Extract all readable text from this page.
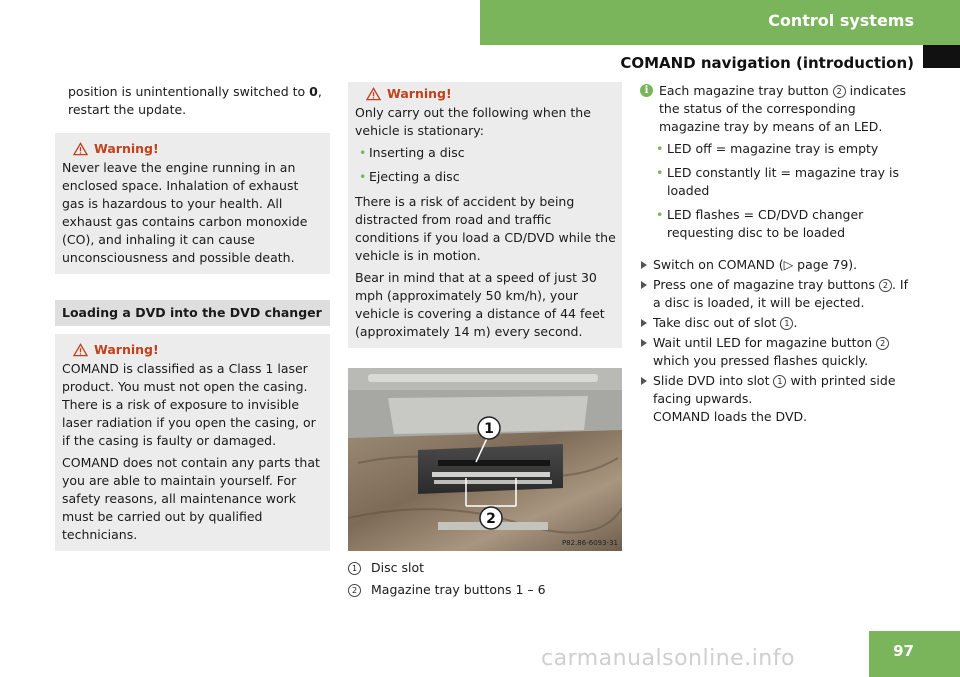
Control systems
COMAND navigation (introduction)

position is unintentionally switched to 0, restart the update.

Warning!

Never leave the engine running in an enclosed space. Inhalation of exhaust gas is hazardous to your health. All exhaust gas contains carbon monoxide (CO), and inhaling it can cause unconsciousness and possible death.

Loading a DVD into the DVD changer
Warning!

COMAND is classified as a Class 1 laser product. You must not open the casing. There is a risk of exposure to invisible laser radiation if you open the casing, or if the casing is faulty or damaged.

COMAND does not contain any parts that you are able to maintain yourself. For safety reasons, all maintenance work must be carried out by qualified technicians.

Warning!

Only carry out the following when the vehicle is stationary:

• Inserting a disc
• Ejecting a disc

There is a risk of accident by being distracted from road and traffic conditions if you load a CD/DVD while the vehicle is in motion.

Bear in mind that at a speed of just 30 mph (approximately 50 km/h), your vehicle is covering a distance of 44 feet (approximately 14 m) every second.

1
2
P82.86-6093-31
1	Disc slot
2	Magazine tray buttons 1 – 6
i Each magazine tray button 2 indicates the status of the corresponding magazine tray by means of an LED.

• LED off = magazine tray is empty
• LED constantly lit = magazine tray is loaded
• LED flashes = CD/DVD changer requesting disc to be loaded
Switch on COMAND (▷ page 79).
Press one of magazine tray buttons 2 . If a disc is loaded, it will be ejected.
Take disc out of slot 1 .
Wait until LED for magazine button 2 which you pressed flashes quickly.
Slide DVD into slot 1 with printed side facing upwards.
COMAND loads the DVD.
carmanualsonline.info	97
